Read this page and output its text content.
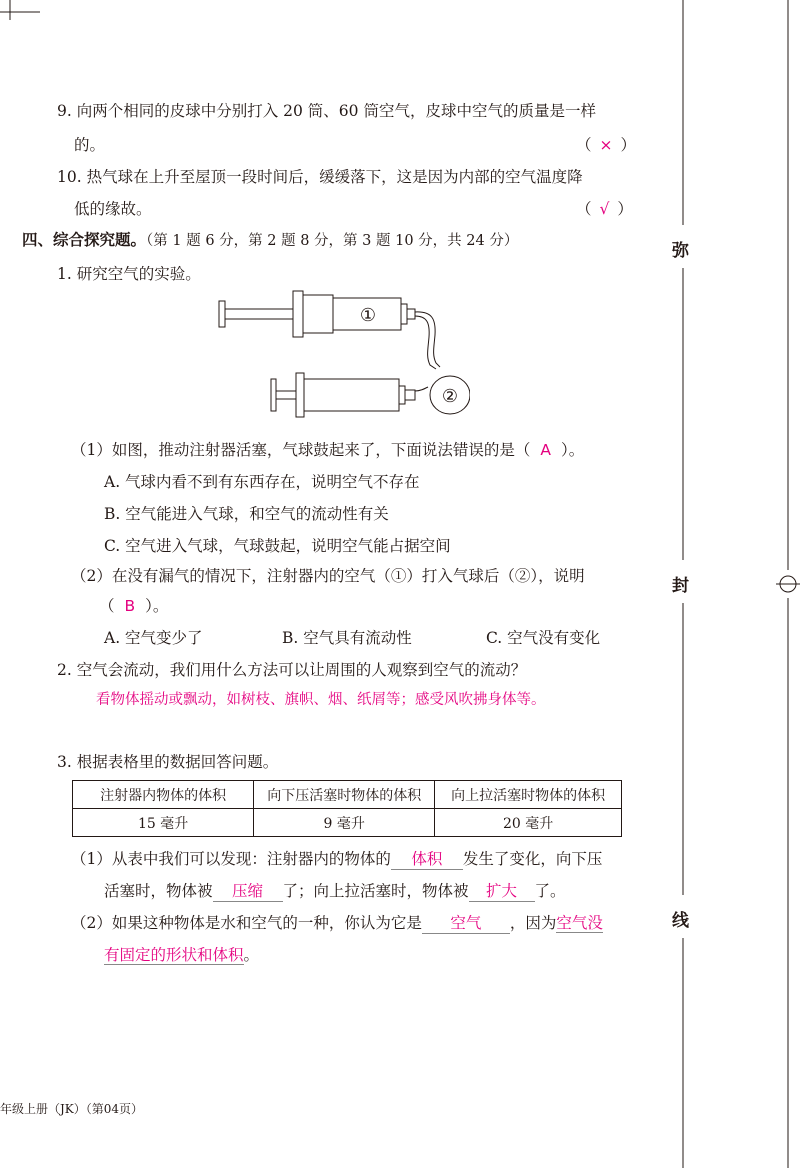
弥
封
线
9. 向两个相同的皮球中分别打入 20 筒、60 筒空气，皮球中空气的质量是一样
的。	（ × ）
10. 热气球在上升至屋顶一段时间后，缓缓落下，这是因为内部的空气温度降
低的缘故。	（ √ ）
四、综合探究题。（第 1 题 6 分，第 2 题 8 分，第 3 题 10 分，共 24 分）
1. 研究空气的实验。
①
②
（1）如图，推动注射器活塞，气球鼓起来了，下面说法错误的是（ A ）。
A. 气球内看不到有东西存在，说明空气不存在
B. 空气能进入气球，和空气的流动性有关
C. 空气进入气球，气球鼓起，说明空气能占据空间
（2）在没有漏气的情况下，注射器内的空气（①）打入气球后（②），说明
（ B ）。
A. 空气变少了	B. 空气具有流动性	C. 空气没有变化
2. 空气会流动，我们用什么方法可以让周围的人观察到空气的流动？
看物体摇动或飘动，如树枝、旗帜、烟、纸屑等；感受风吹拂身体等。
3. 根据表格里的数据回答问题。
注射器内物体的体积	向下压活塞时物体的体积	向上拉活塞时物体的体积
15 毫升	9 毫升	20 毫升
（1）从表中我们可以发现：注射器内的物体的 体积 发生了变化，向下压
活塞时，物体被 压缩 了；向上拉活塞时，物体被 扩大 了。
（2）如果这种物体是水和空气的一种，你认为它是 空气 ，因为空气没
有固定的形状和体积。
年级上册（JK）（第04页）
